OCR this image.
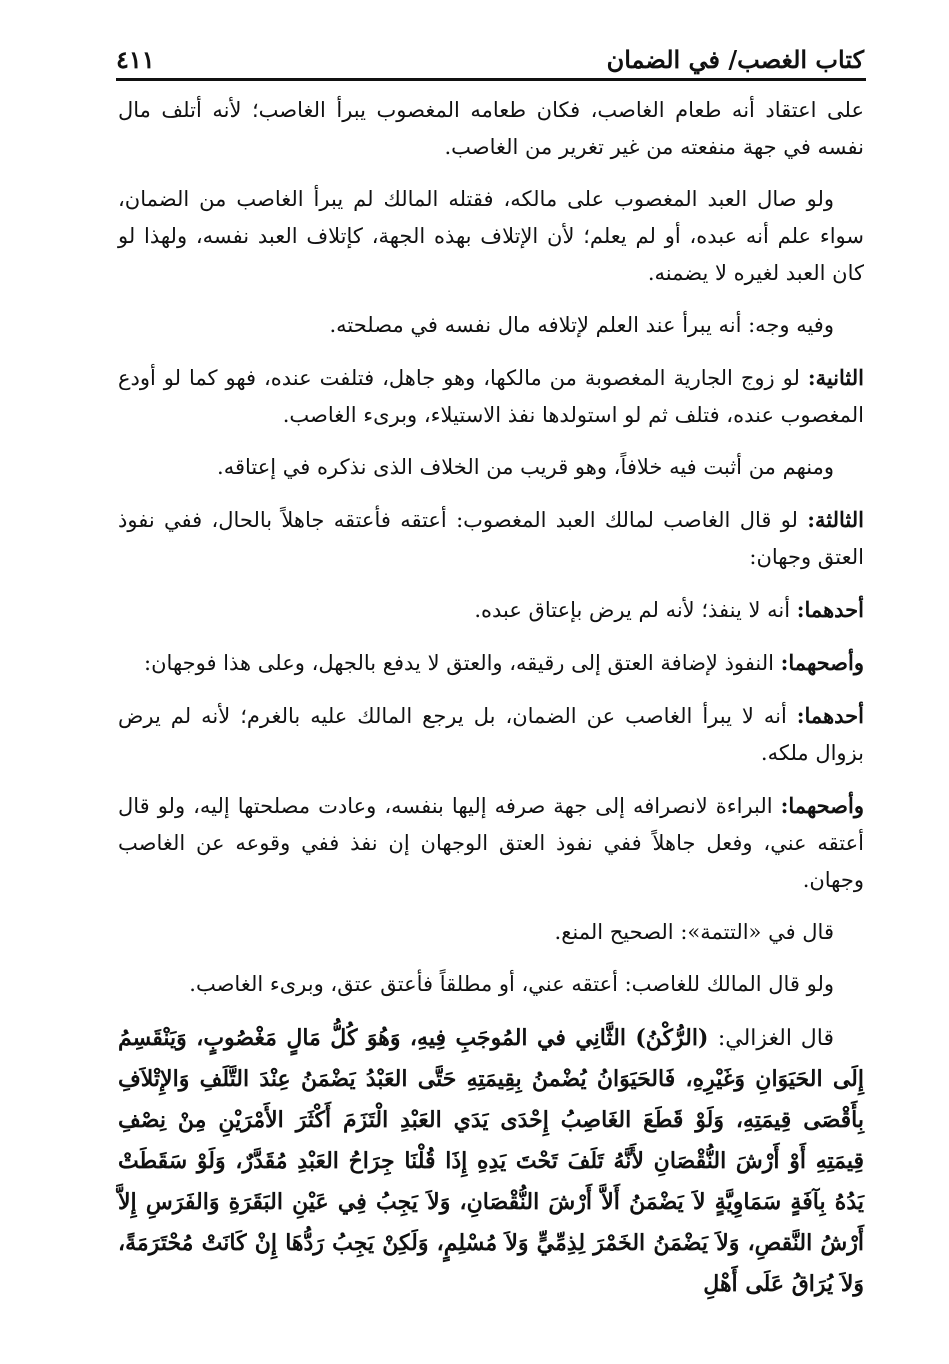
كتاب الغصب/ في الضمان
٤١١

على اعتقاد أنه طعام الغاصب، فكان طعامه المغصوب يبرأ الغاصب؛ لأنه أتلف مال نفسه في جهة منفعته من غير تغرير من الغاصب.

ولو صال العبد المغصوب على مالكه، فقتله المالك لم يبرأ الغاصب من الضمان، سواء علم أنه عبده، أو لم يعلم؛ لأن الإتلاف بهذه الجهة، كإتلاف العبد نفسه، ولهذا لو كان العبد لغيره لا يضمنه.

وفيه وجه: أنه يبرأ عند العلم لإتلافه مال نفسه في مصلحته.

الثانية: لو زوج الجارية المغصوبة من مالكها، وهو جاهل، فتلفت عنده، فهو كما لو أودع المغصوب عنده، فتلف ثم لو استولدها نفذ الاستيلاء، وبرىء الغاصب.

ومنهم من أثبت فيه خلافاً، وهو قريب من الخلاف الذى نذكره في إعتاقه.

الثالثة: لو قال الغاصب لمالك العبد المغصوب: أعتقه فأعتقه جاهلاً بالحال، ففي نفوذ العتق وجهان:

أحدهما: أنه لا ينفذ؛ لأنه لم يرض بإعتاق عبده.

وأصحهما: النفوذ لإضافة العتق إلى رقيقه، والعتق لا يدفع بالجهل، وعلى هذا فوجهان:

أحدهما: أنه لا يبرأ الغاصب عن الضمان، بل يرجع المالك عليه بالغرم؛ لأنه لم يرض بزوال ملكه.

وأصحهما: البراءة لانصرافه إلى جهة صرفه إليها بنفسه، وعادت مصلحتها إليه، ولو قال أعتقه عني، وفعل جاهلاً ففي نفوذ العتق الوجهان إن نفذ ففي وقوعه عن الغاصب وجهان.

قال في «التتمة»: الصحيح المنع.

ولو قال المالك للغاصب: أعتقه عني، أو مطلقاً فأعتق عتق، وبرىء الغاصب.

قال الغزالي: (الرُّكْنُ) الثَّانِي في المُوجَبِ فِيهِ، وَهُوَ كُلُّ مَالٍ مَغْصُوبٍ، وَيَنْقَسِمُ إِلَى الحَيَوَانِ وَغَيْرِهِ، فَالحَيَوَانُ يُضْمنُ بِقِيمَتِهِ حَتَّى العَبْدُ يَضْمَنُ عِنْدَ التَّلَفِ وَالإِتْلاَفِ بِأَقْصَى قِيمَتِهِ، وَلَوْ قَطَعَ الغَاصِبُ إِحْدَى يَدَي العَبْدِ الْتَزَمَ أَكْثَرَ الأَمْرَيْنِ مِنْ نِصْفِ قِيمَتِهِ أَوْ أَرْشَ النُّقْصَانِ لأَنَّهُ تَلَفَ تَحْتَ يَدِهِ إِذَا قُلْنَا جِرَاحُ العَبْدِ مُقَدَّرٌ، وَلَوْ سَقَطَتْ يَدُهُ بِآفَةٍ سَمَاوِيَّةٍ لاَ يَضْمَنُ أَلاَّ أَرْشَ النُّقْصَانِ، وَلاَ يَجِبُ فِي عَيْنِ البَقَرَةِ وَالفَرَسِ إِلاَّ أَرْشُ النَّقصِ، وَلاَ يَضْمَنُ الخَمْرَ لِذِمِّيٍّ وَلاَ مُسْلِمٍ، وَلَكِنْ يَجِبُ رَدُّهَا إِنْ كَانَتْ مُحْتَرَمَةً، وَلاَ يُرَاقُ عَلَى أَهْلِ
